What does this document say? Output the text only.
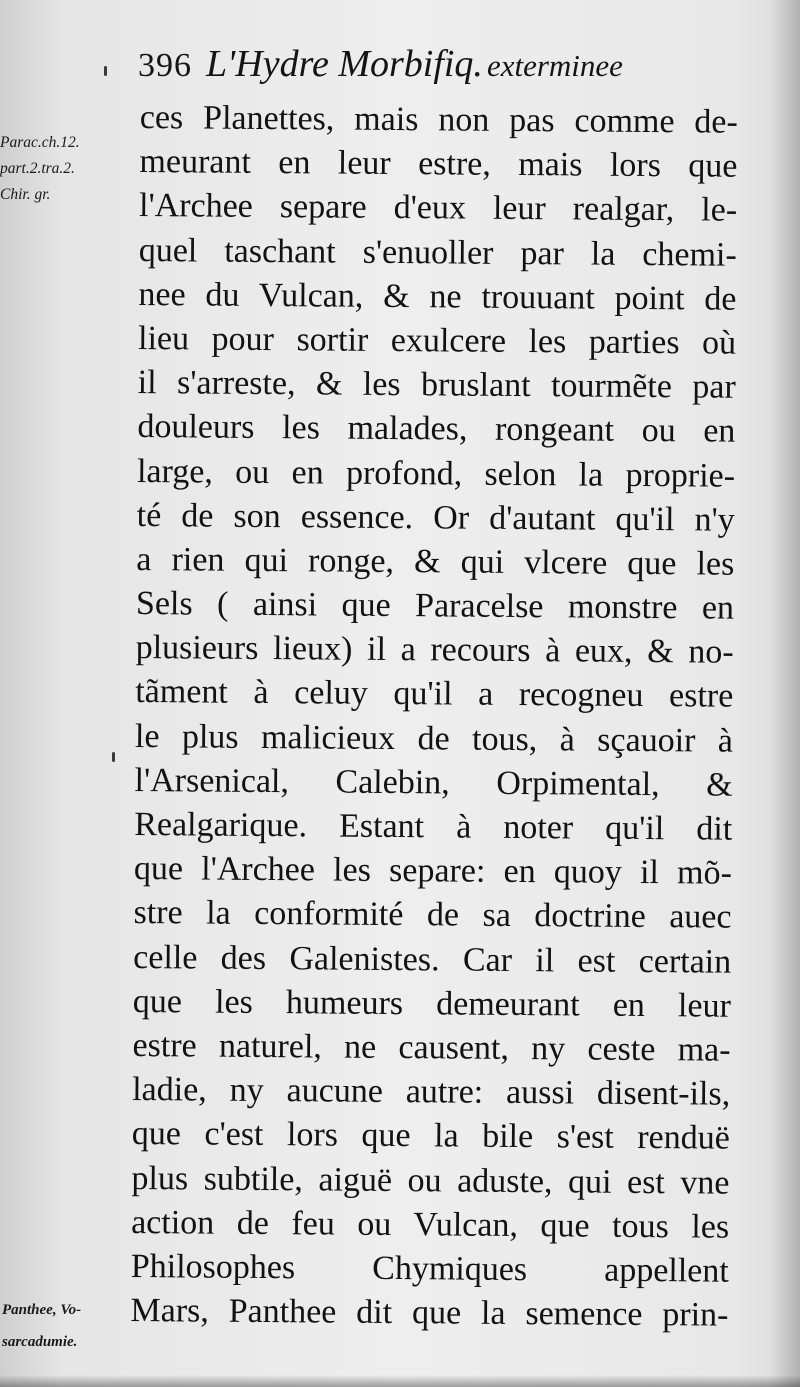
396 L'Hydre Morbifiq. exterminee
Parac.ch.12.
part.2.tra.2.
Chir. gr.
ces Planettes, mais non pas comme de-
meurant en leur estre, mais lors que
l'Archee separe d'eux leur realgar, le-
quel taschant s'enuoller par la chemi-
nee du Vulcan, & ne trouuant point de
lieu pour sortir exulcere les parties où
il s'arreste, & les bruslant tourmẽte par
douleurs les malades, rongeant ou en
large, ou en profond, selon la proprie-
té de son essence. Or d'autant qu'il n'y
a rien qui ronge, & qui vlcere que les
Sels ( ainsi que Paracelse monstre en
plusieurs lieux) il a recours à eux, & no-
tãment à celuy qu'il a recogneu estre
le plus malicieux de tous, à sçauoir à
l'Arsenical, Calebin, Orpimental, &
Realgarique. Estant à noter qu'il dit
que l'Archee les separe: en quoy il mõ-
stre la conformité de sa doctrine auec
celle des Galenistes. Car il est certain
que les humeurs demeurant en leur
estre naturel, ne causent, ny ceste ma-
ladie, ny aucune autre: aussi disent-ils,
que c'est lors que la bile s'est renduë
plus subtile, aiguë ou aduste, qui est vne
action de feu ou Vulcan, que tous les
Philosophes Chymiques appellent
Mars, Panthee dit que la semence prin-
Panthee, Vo-
sarcadumie.
